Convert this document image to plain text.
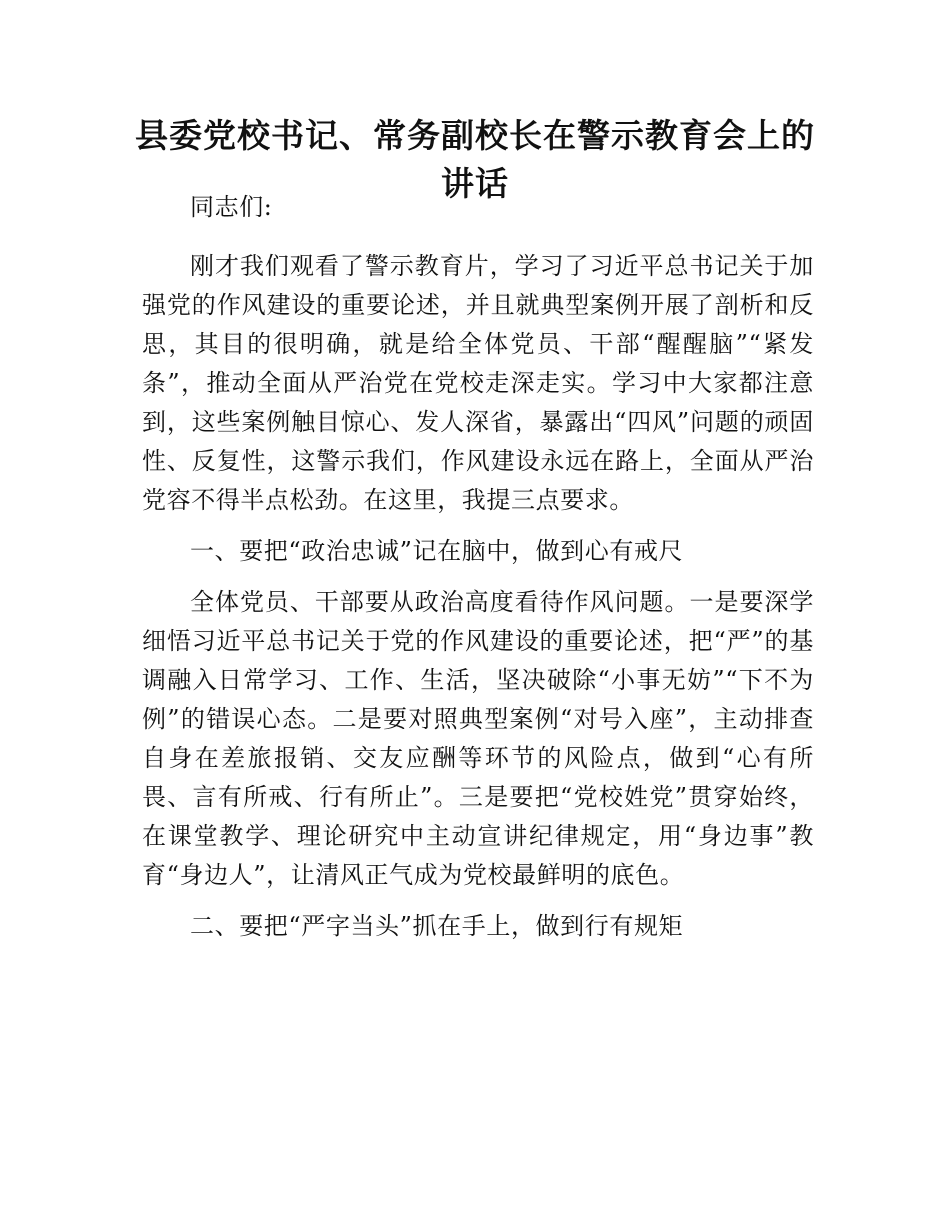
县委党校书记、常务副校长在警示教育会上的讲话

同志们:

刚才我们观看了警示教育片，学习了习近平总书记关于加强党的作风建设的重要论述，并且就典型案例开展了剖析和反思，其目的很明确，就是给全体党员、干部“醒醒脑”“紧发条”，推动全面从严治党在党校走深走实。学习中大家都注意到，这些案例触目惊心、发人深省，暴露出“四风”问题的顽固性、反复性，这警示我们，作风建设永远在路上，全面从严治党容不得半点松劲。在这里，我提三点要求。

一、要把“政治忠诚”记在脑中，做到心有戒尺

全体党员、干部要从政治高度看待作风问题。一是要深学细悟习近平总书记关于党的作风建设的重要论述，把“严”的基调融入日常学习、工作、生活，坚决破除“小事无妨”“下不为例”的错误心态。二是要对照典型案例“对号入座”，主动排查自身在差旅报销、交友应酬等环节的风险点，做到“心有所畏、言有所戒、行有所止”。三是要把“党校姓党”贯穿始终，在课堂教学、理论研究中主动宣讲纪律规定，用“身边事”教育“身边人”，让清风正气成为党校最鲜明的底色。

二、要把“严字当头”抓在手上，做到行有规矩
